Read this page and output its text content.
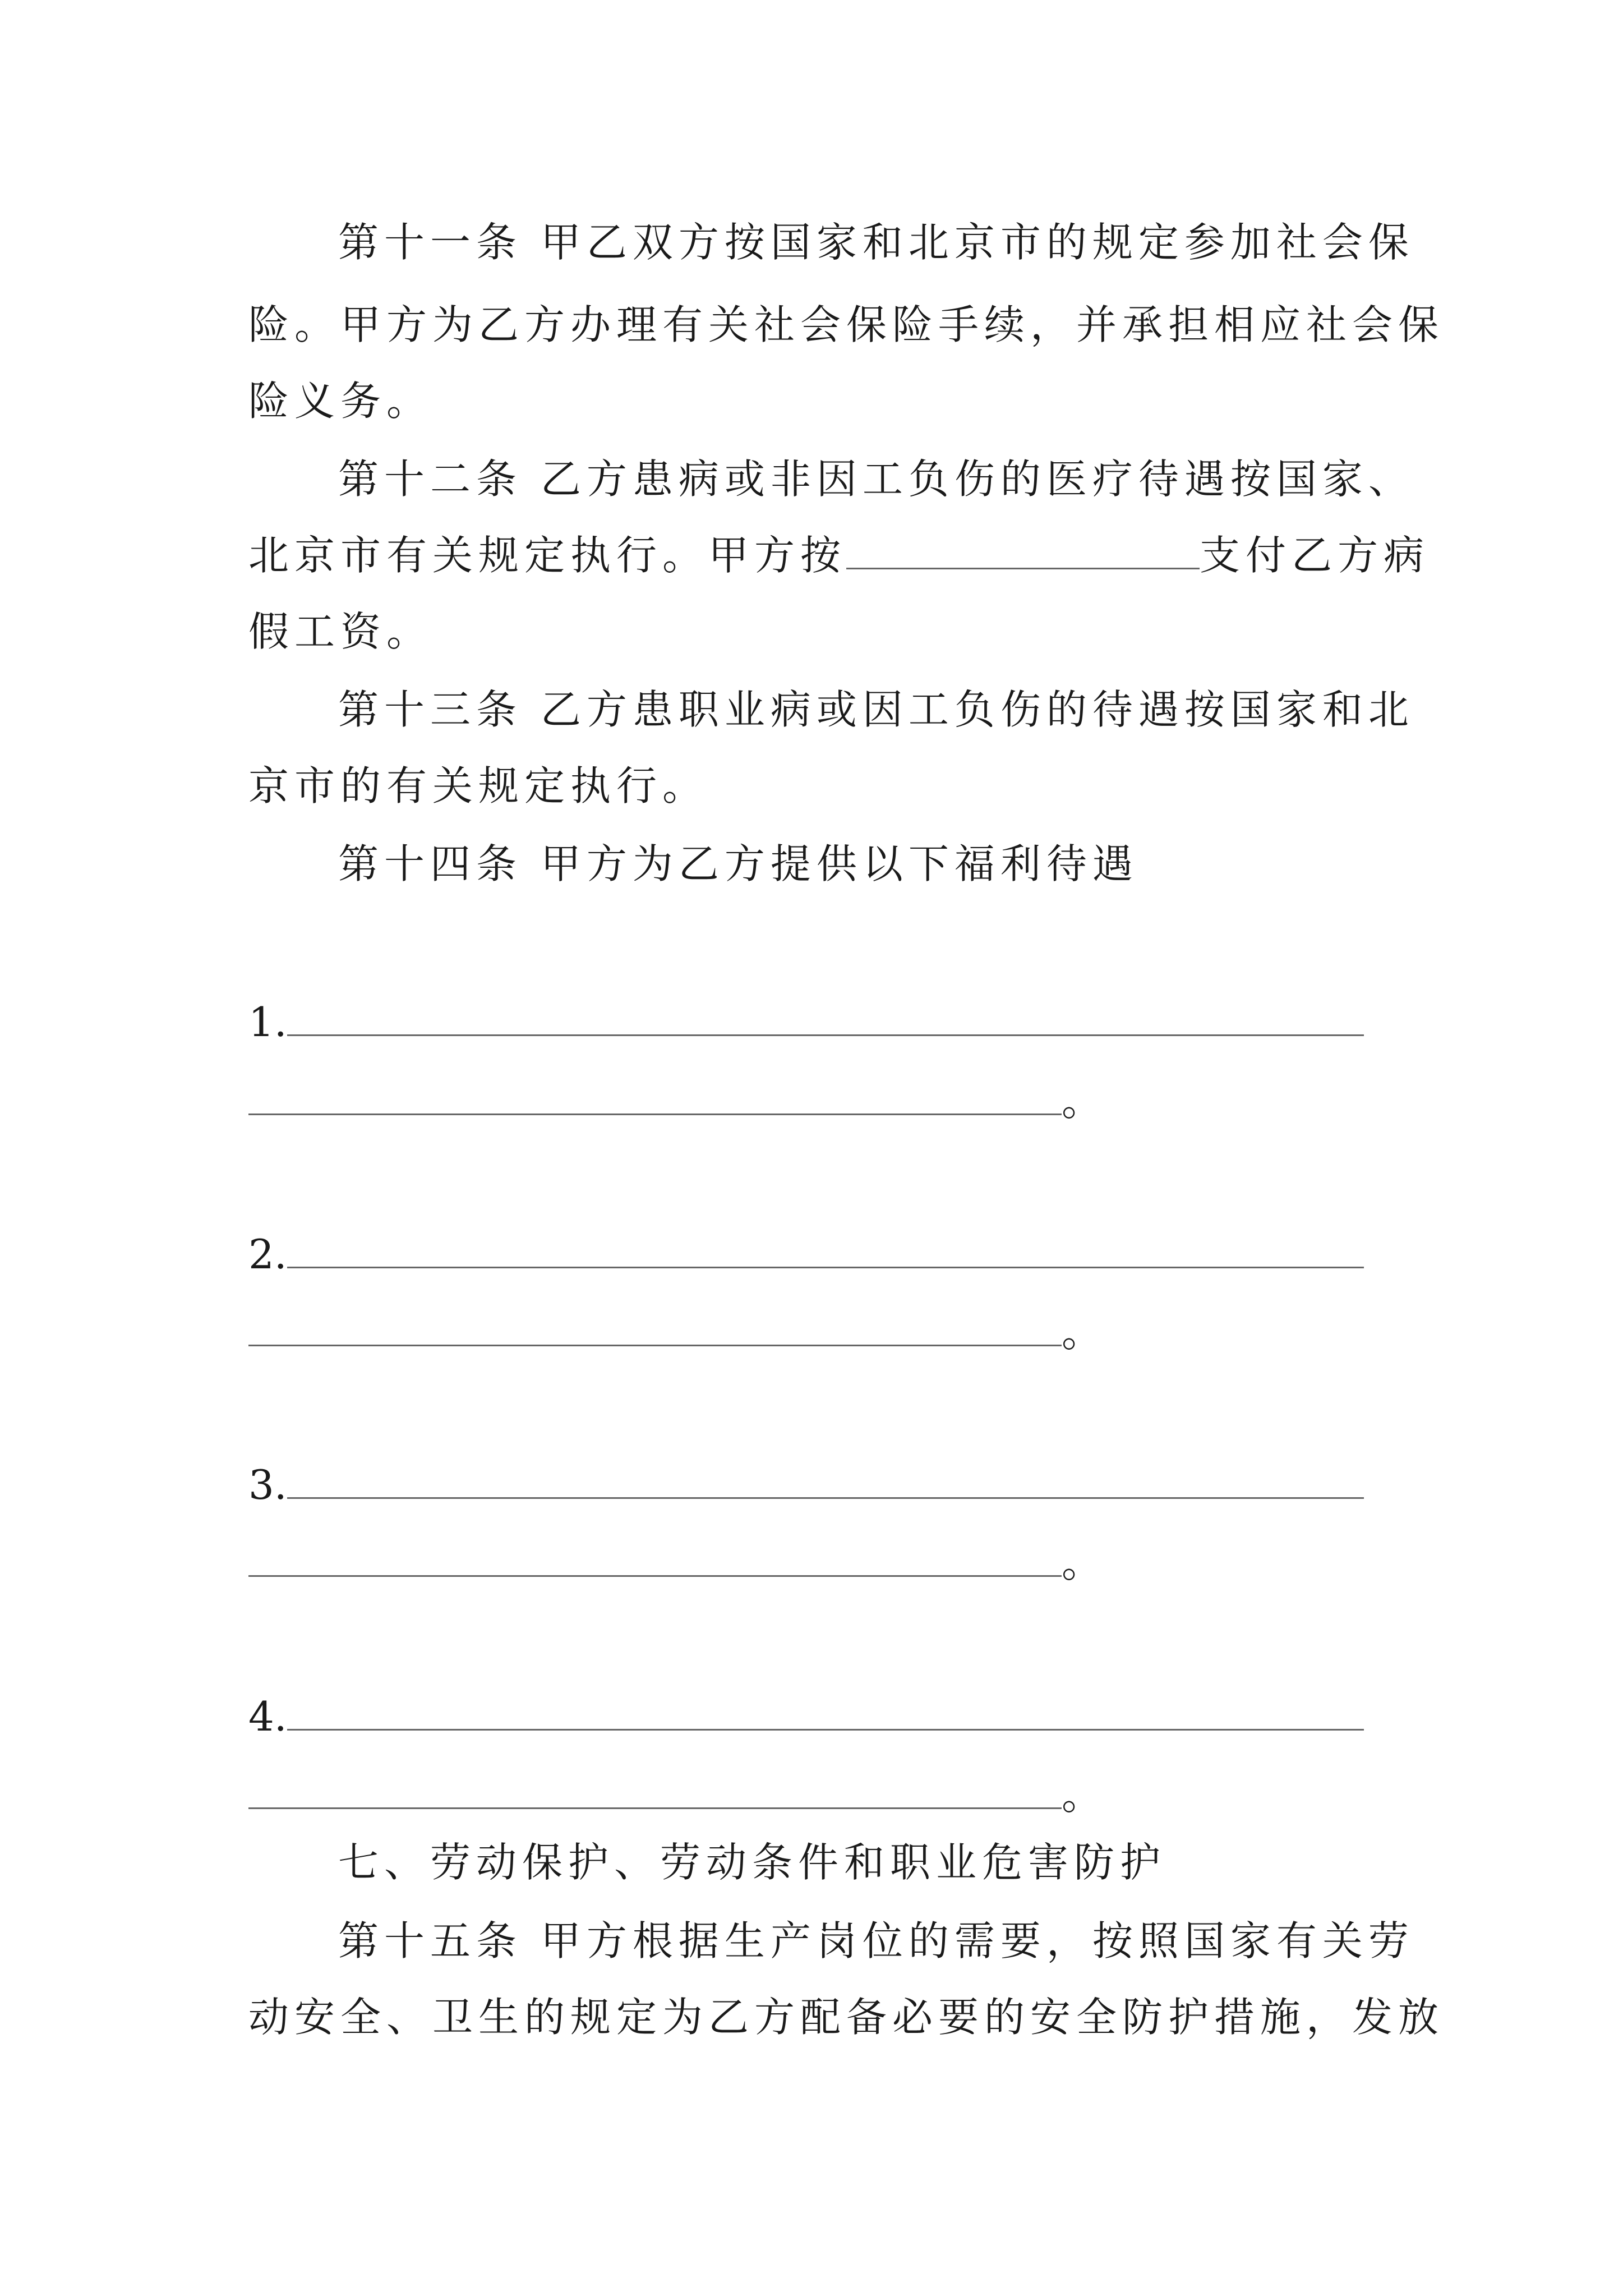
第十一条 甲乙双方按国家和北京市的规定参加社会保
险。甲方为乙方办理有关社会保险手续，并承担相应社会保
险义务。
第十二条 乙方患病或非因工负伤的医疗待遇按国家、
北京市有关规定执行。甲方按	支付乙方病
假工资。
第十三条 乙方患职业病或因工负伤的待遇按国家和北
京市的有关规定执行。
第十四条 甲方为乙方提供以下福利待遇
1.
。
2.
。
3.
。
4.
。
七、劳动保护、劳动条件和职业危害防护
第十五条 甲方根据生产岗位的需要，按照国家有关劳
动安全、卫生的规定为乙方配备必要的安全防护措施，发放
